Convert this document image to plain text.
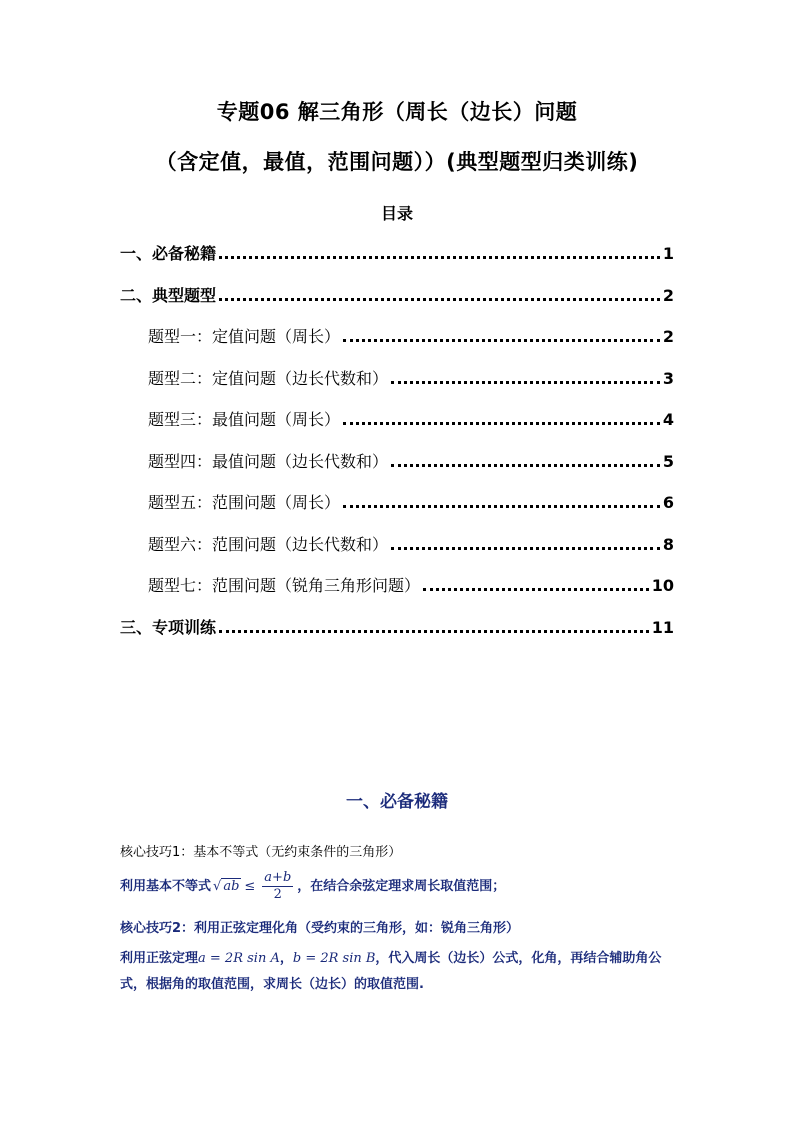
专题06 解三角形（周长（边长）问题
（含定值，最值，范围问题））(典型题型归类训练)
目录
一、必备秘籍	1
二、典型题型	2
题型一：定值问题（周长）	2
题型二：定值问题（边长代数和）	3
题型三：最值问题（周长）	4
题型四：最值问题（边长代数和）	5
题型五：范围问题（周长）	6
题型六：范围问题（边长代数和）	8
题型七：范围问题（锐角三角形问题）	10
三、专项训练	11
一、必备秘籍
核心技巧1：基本不等式（无约束条件的三角形）
利用基本不等式 √ ab ≤ $\frac{a+b}{2}$ ，在结合余弦定理求周长取值范围；
核心技巧2：利用正弦定理化角（受约束的三角形，如：锐角三角形）
利用正弦定理a = 2R sin A，b = 2R sin B，代入周长（边长）公式，化角，再结合辅助角公式，根据角的取值范围，求周长（边长）的取值范围.
